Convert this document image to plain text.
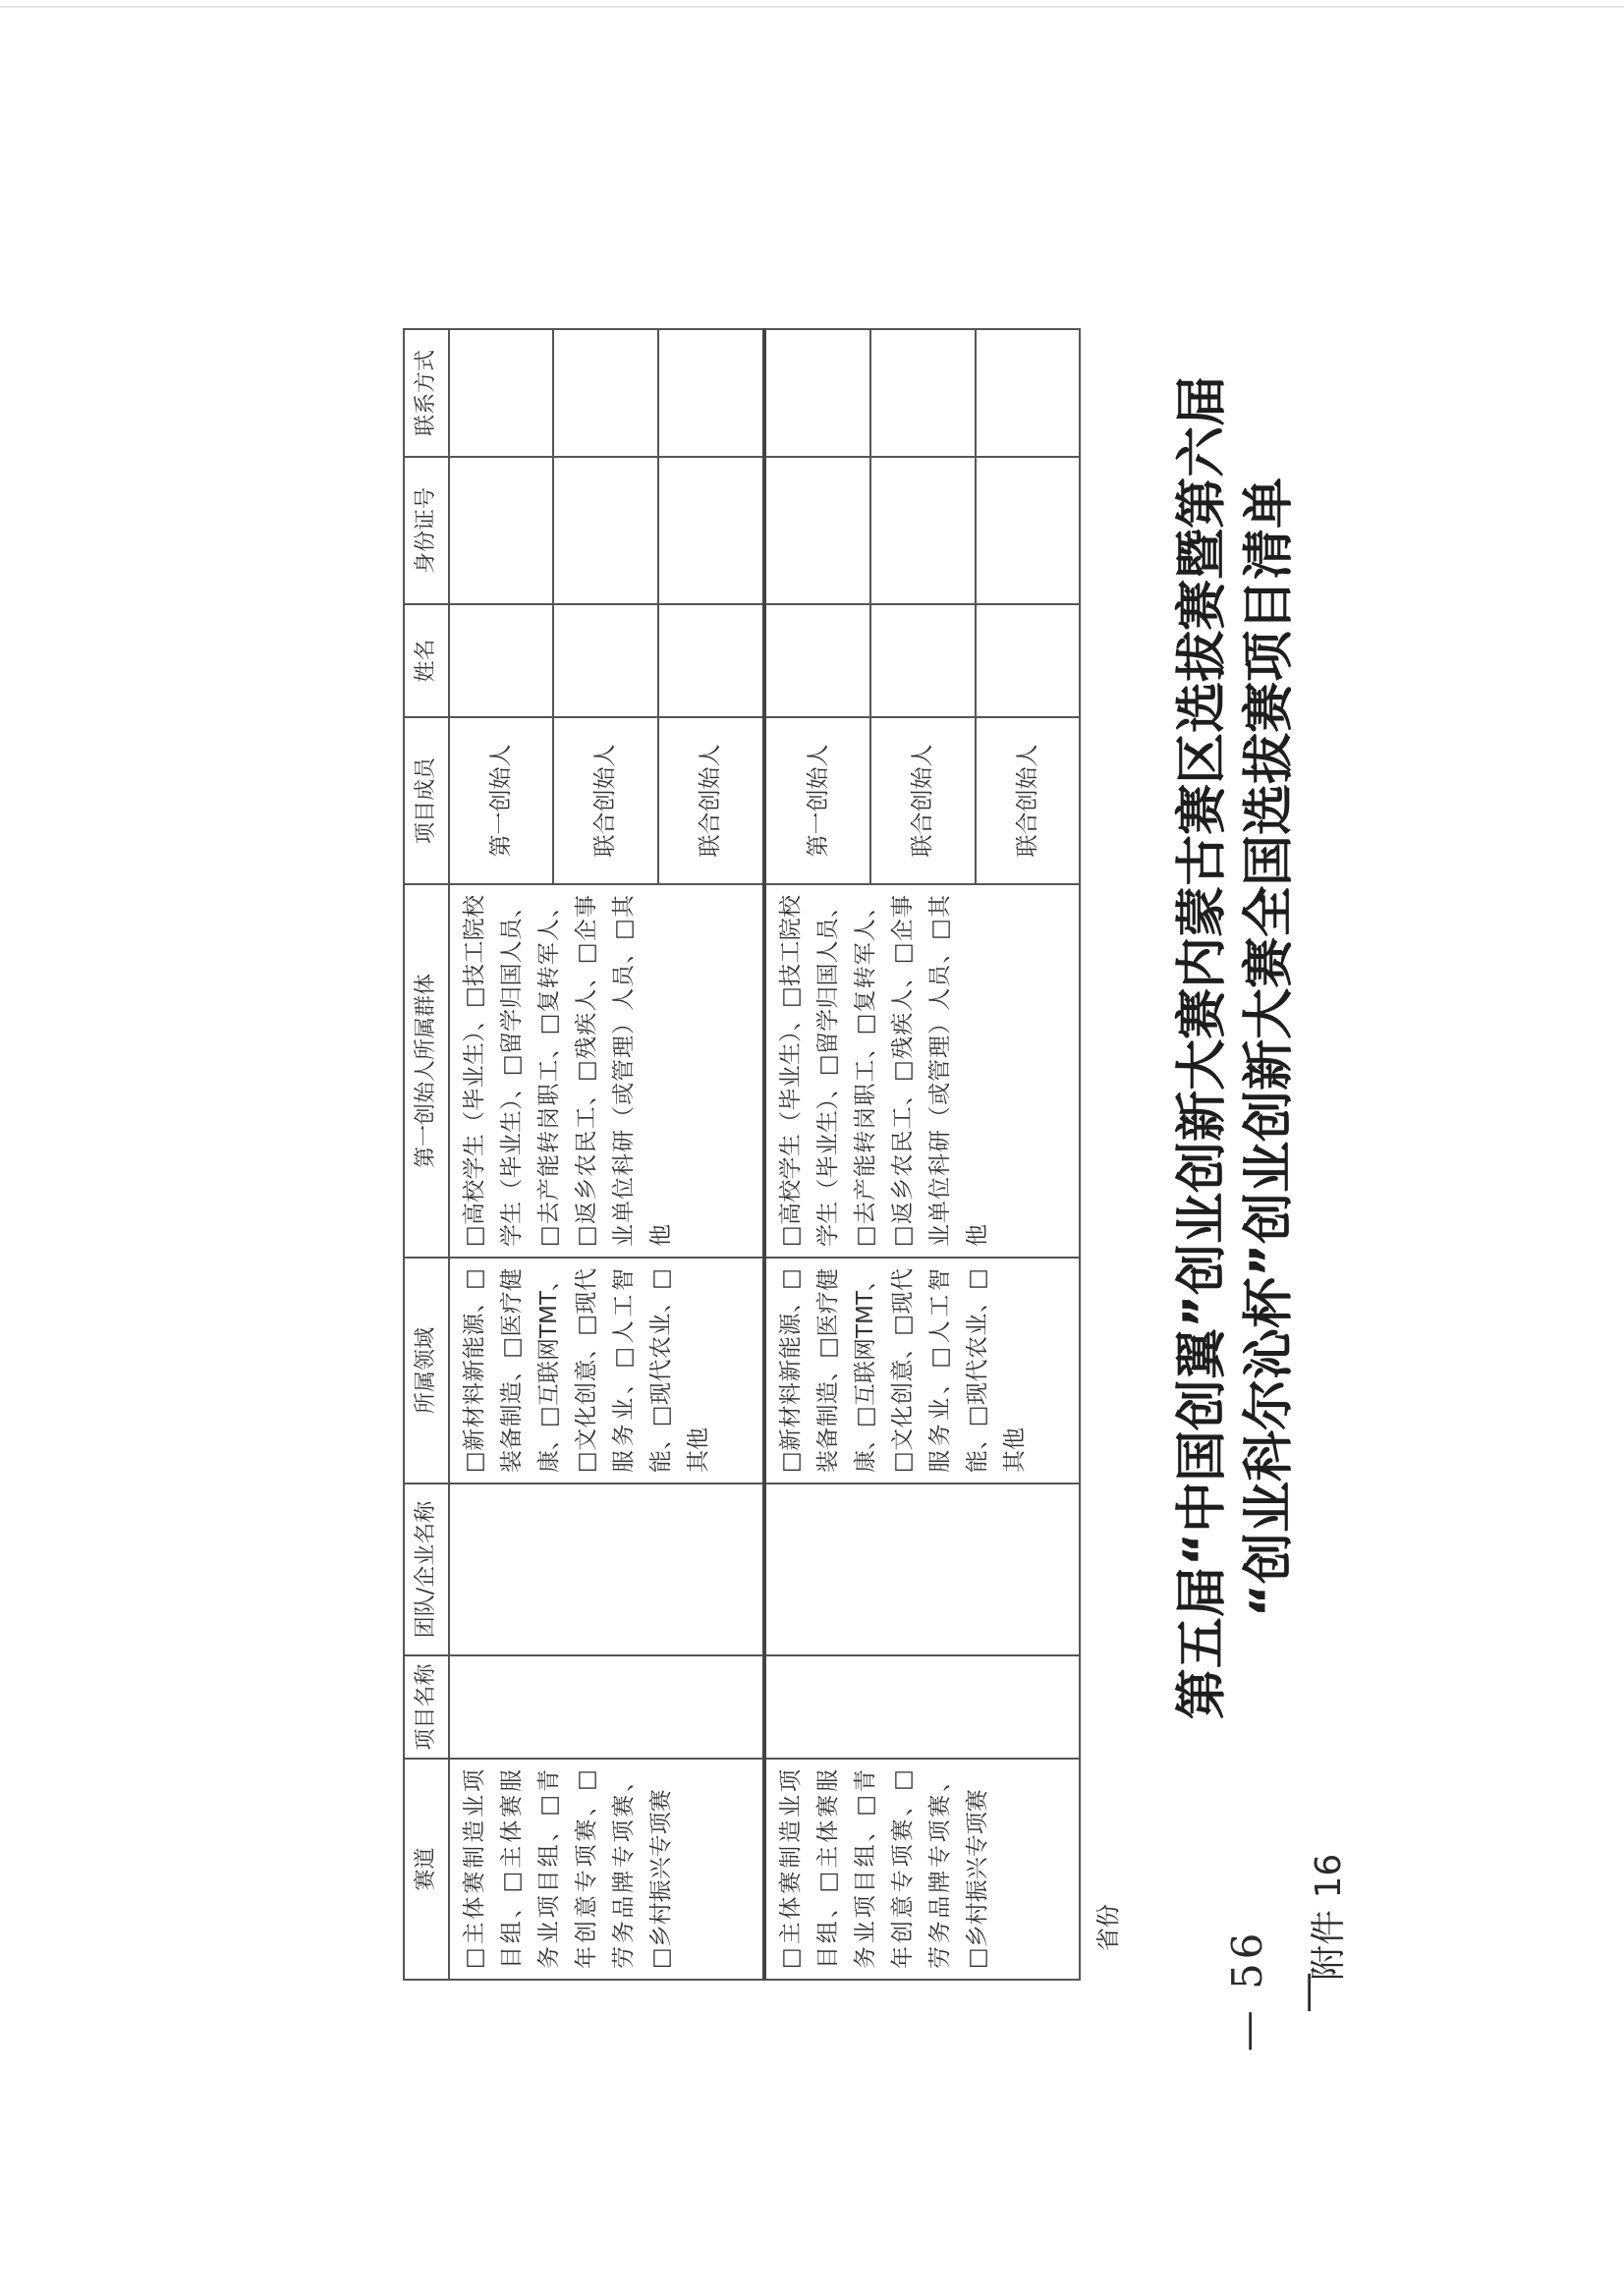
— 56 —
附件 16
第五届“中国创翼”创业创新大赛内蒙古赛区选拔赛暨第六届 “创业科尔沁杯”创业创新大赛全国选拔赛项目清单
省份
赛道	项目名称	团队/企业名称	所属领域	第一创始人所属群体	项目成员	姓名	身份证号	联系方式
□主体赛制造业项目组、□主体赛服务业项目组、□青年创意专项赛、□劳务品牌专项赛、□乡村振兴专项赛			□新材料新能源、□装备制造、□医疗健康、□互联网TMT、□文化创意、□现代服务业、□人工智能、□现代农业、□其他	□高校学生（毕业生）、□技工院校学生（毕业生）、□留学归国人员、□去产能转岗职工、□复转军人、□返乡农民工、□残疾人、□企事业单位科研（或管理）人员、□其他	第一创始人			
					联合创始人			
					联合创始人			
□主体赛制造业项目组、□主体赛服务业项目组、□青年创意专项赛、□劳务品牌专项赛、□乡村振兴专项赛			□新材料新能源、□装备制造、□医疗健康、□互联网TMT、□文化创意、□现代服务业、□人工智能、□现代农业、□其他	□高校学生（毕业生）、□技工院校学生（毕业生）、□留学归国人员、□去产能转岗职工、□复转军人、□返乡农民工、□残疾人、□企事业单位科研（或管理）人员、□其他	第一创始人			
					联合创始人			
					联合创始人			
